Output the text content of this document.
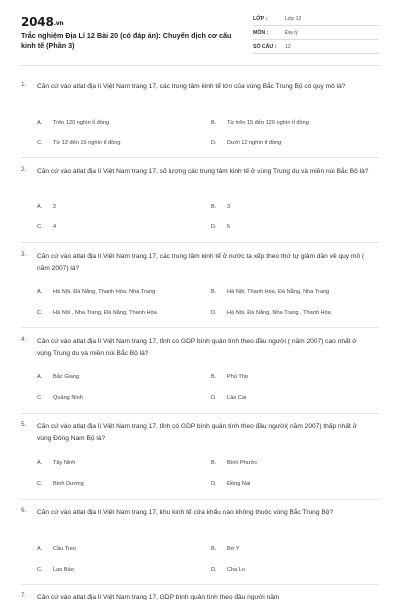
2048.vn
Trắc nghiệm Địa Lí 12 Bài 20 (có đáp án): Chuyển dịch cơ cấu kinh tế (Phần 3)
LỚP :	Lớp 12
MÔN :	Địa lý
SỐ CÂU : 12
1. Căn cứ vào atlat địa lí Việt Nam trang 17, các trung tâm kinh tế lớn của vùng Bắc Trung Bộ có quy mô là?
A. Trên 120 nghìn tỉ đồng	B. Từ trên 15 đến 120 nghìn tỉ đồng
C. Từ 12 đến 15 nghìn tỉ đồng	D. Dưới 12 nghìn tỉ đồng
2. Căn cứ vào atlat địa lí Việt Nam trang 17, số lượng các trung tâm kinh tế ở vùng Trung du và miền núi Bắc Bộ là?
A. 2	B. 3
C. 4	D. 5
3. Căn cứ vào atlat địa lí Việt Nam trang 17, các trung tâm kinh tế ở nước ta xếp theo thứ tự giảm dần về quy mô ( năm 2007) là?
A. Hà Nội, Đà Nẵng, Thanh Hóa, Nha Trang	B. Hà Nội, Thanh Hóa, Đà Nẵng, Nha Trang
C. Hà Nội , Nha Trang, Đà Nẵng, Thanh Hóa	D. Hà Nội, Đà Nẵng, Nha Trang , Thanh Hóa
4. Căn cứ vào atlat địa lí Việt Nam trang 17, tỉnh có GDP bình quân tính theo đầu người ( năm 2007) cao nhất ở vùng Trung du và miền núi Bắc Bộ là?
A. Bắc Giang	B. Phú Thọ
C. Quảng Ninh	D. Lào Cai
5. Căn cứ vào atlat địa lí Việt Nam trang 17, tỉnh có GDP bình quân tính theo đầu người( năm 2007) thấp nhất ở vùng Đông Nam Bộ là?
A. Tây Ninh	B. Bình Phước
C. Bình Dương	D. Đồng Nai
6. Căn cứ vào atlat địa lí Việt Nam trang 17, khu kinh tế cửa khẩu nào không thuộc vùng Bắc Trung Bộ?
A. Cầu Treo	B. Bờ Y
C. Lao Bảo	D. Cha Lo
7. Căn cứ vào atlat địa lí Việt Nam trang 17, GDP bình quân tính theo đầu người năm
